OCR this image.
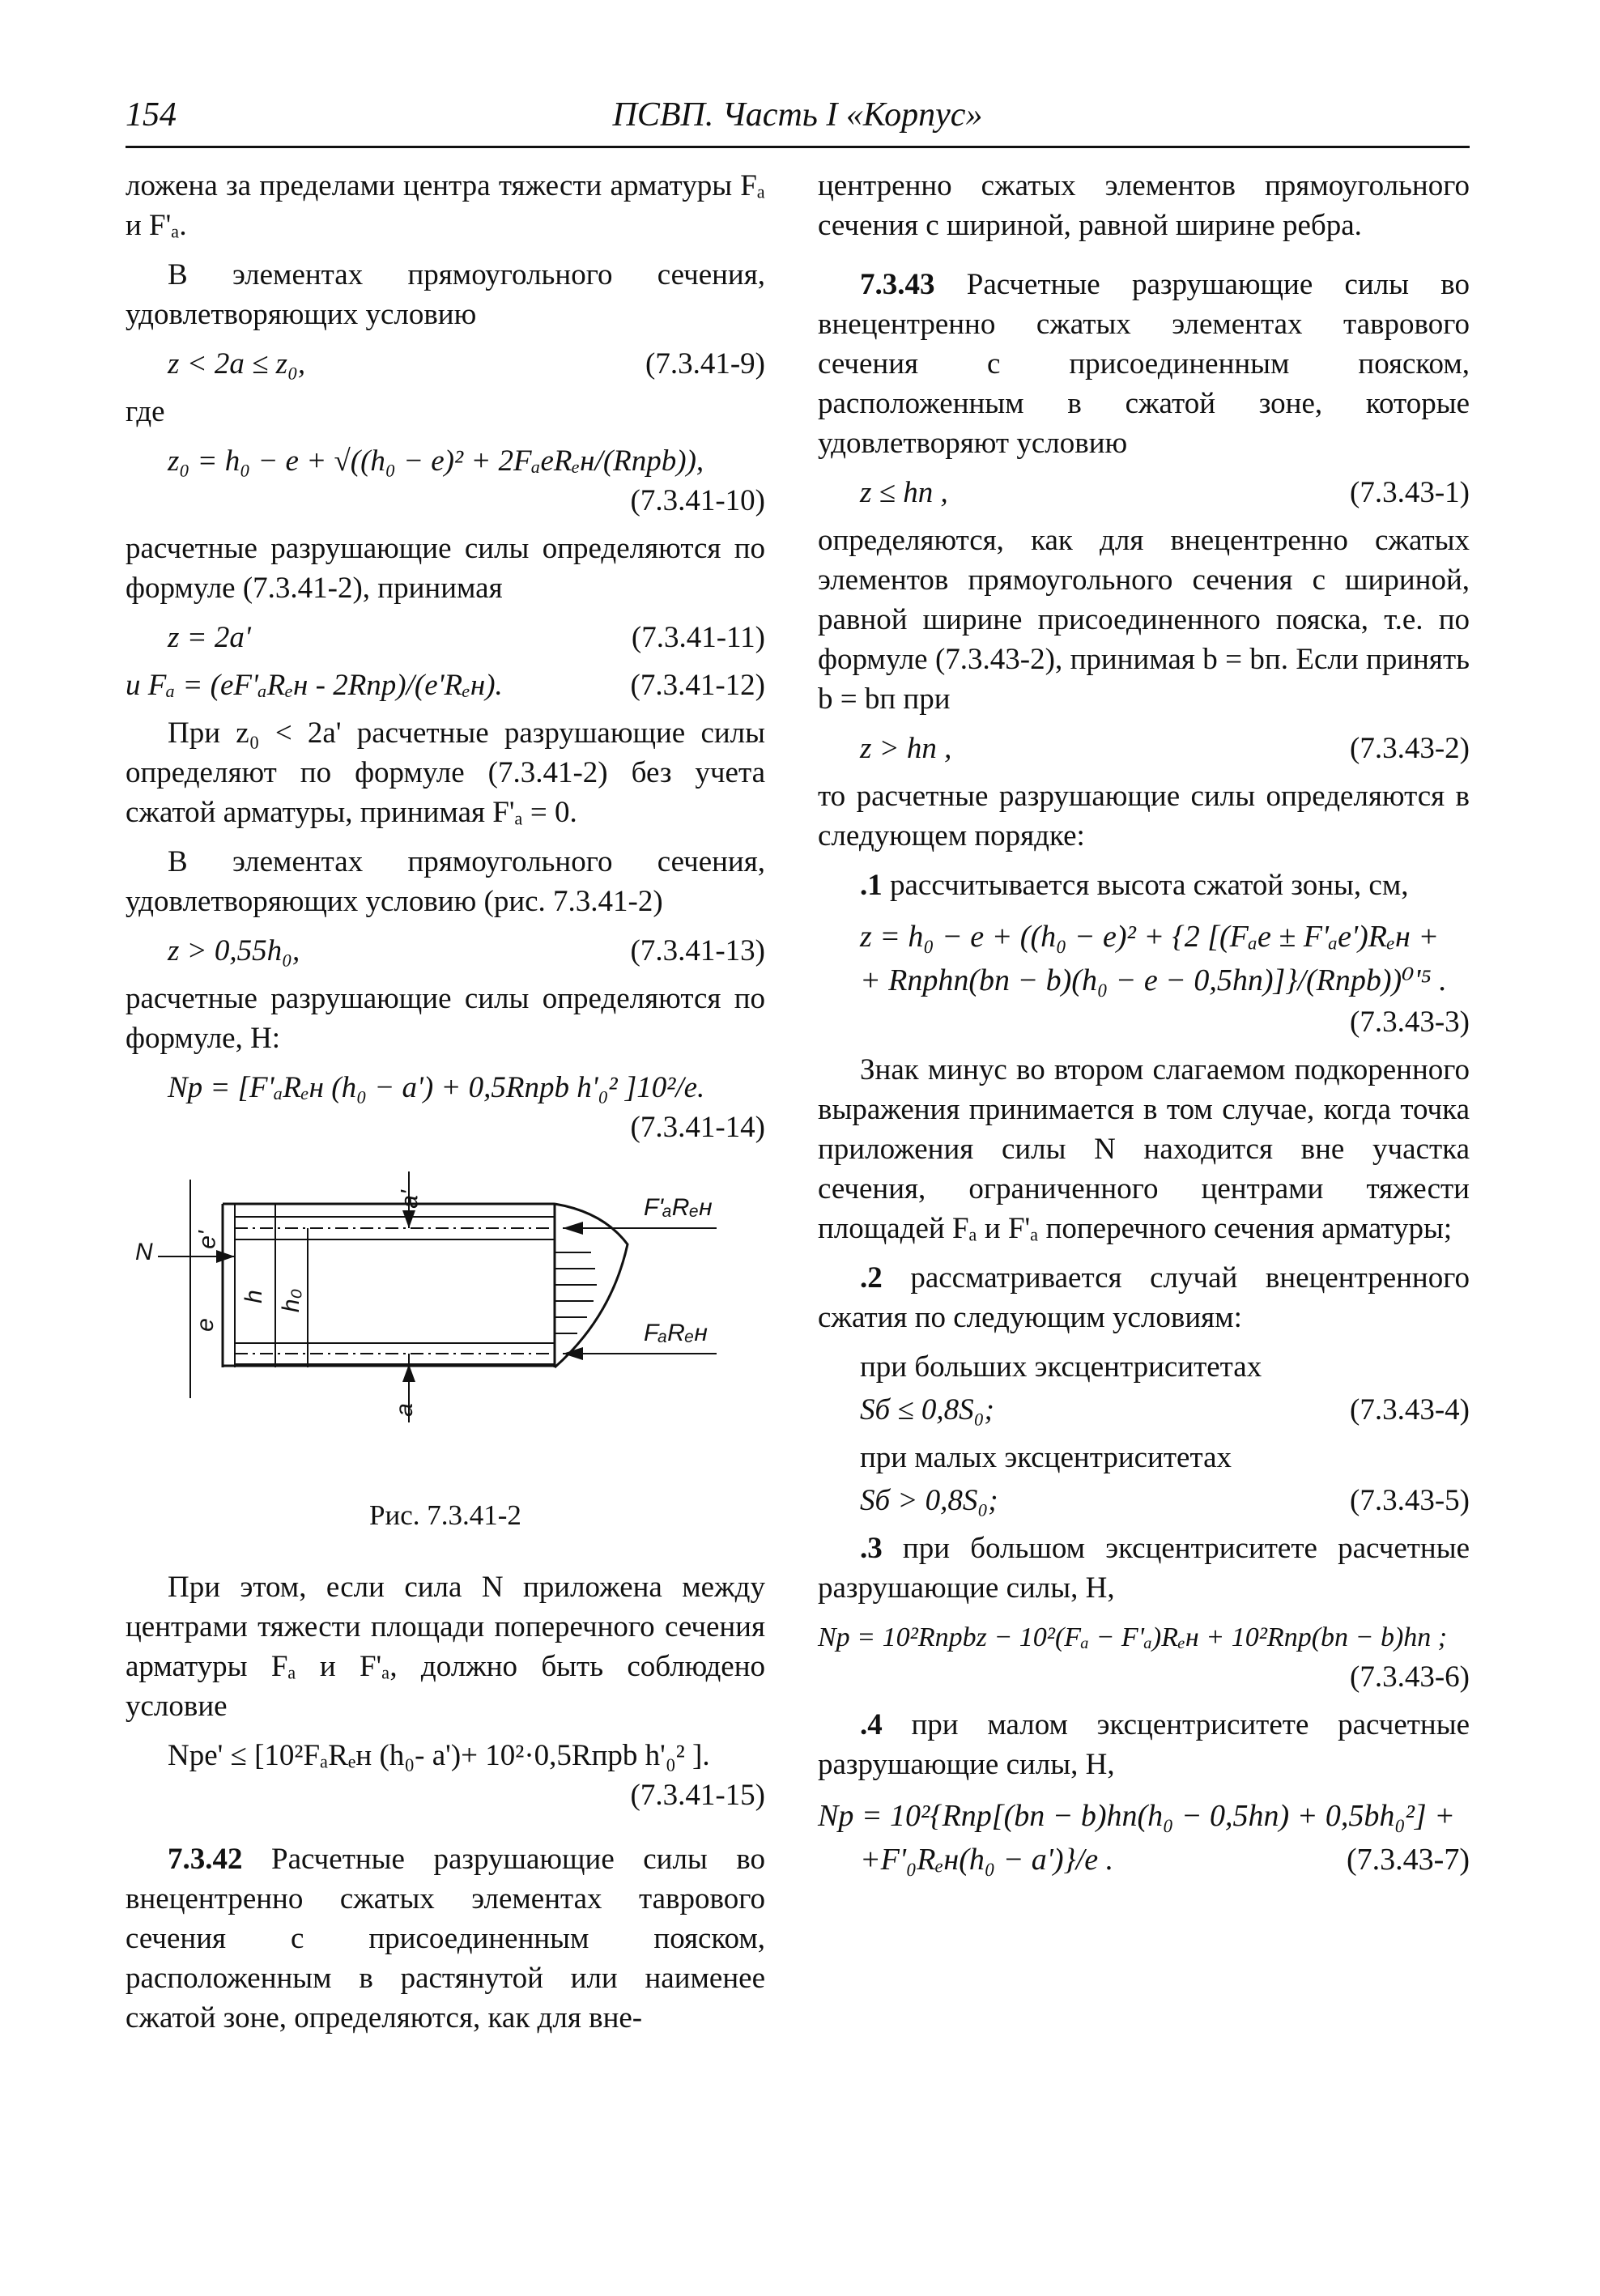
154	ПСВП. Часть I «Корпус»

ложена за пределами центра тяжести арматуры Fₐ и F'ₐ.

В элементах прямоугольного сечения, удовлетворяющих условию

z < 2a ≤ z₀,	(7.3.41-9)

где

z₀ = h₀ − e + √((h₀ − e)² + 2FₐeRₑн/(Rпрb)),
(7.3.41-10)

расчетные разрушающие силы определяются по формуле (7.3.41-2), принимая

z = 2a'	(7.3.41-11)
и Fₐ = (eF'ₐRₑн - 2Rпр)/(e'Rₑн).	(7.3.41-12)

При z₀ < 2a' расчетные разрушающие силы определяют по формуле (7.3.41-2) без учета сжатой арматуры, принимая F'ₐ = 0.

В элементах прямоугольного сечения, удовлетворяющих условию (рис. 7.3.41-2)

z > 0,55h₀,	(7.3.41-13)

расчетные разрушающие силы определяются по формуле, Н:

Nр = [F'ₐRₑн (h₀ − a') + 0,5Rпрb h'₀² ]10²/e.
(7.3.41-14)
a'
e'
N
e
h h₀
a
F'ₐRₑн
FₐRₑн
Рис. 7.3.41-2

При этом, если сила N приложена между центрами тяжести площади поперечного сечения арматуры Fₐ и F'ₐ, должно быть соблюдено условие

Nрe' ≤ [10²FₐRₑн (h₀- a')+ 10²·0,5Rпрb h'₀² ].
(7.3.41-15)

7.3.42 Расчетные разрушающие силы во внецентренно сжатых элементах таврового сечения с присоединенным пояском, расположенным в растянутой или наименее сжатой зоне, определяются, как для вне-

центренно сжатых элементов прямоугольного сечения с шириной, равной ширине ребра.

7.3.43 Расчетные разрушающие силы во внецентренно сжатых элементах таврового сечения с присоединенным пояском, расположенным в сжатой зоне, которые удовлетворяют условию

z ≤ hп ,	(7.3.43-1)

определяются, как для внецентренно сжатых элементов прямоугольного сечения с шириной, равной ширине присоединенного пояска, т.е. по формуле (7.3.43-2), принимая b = bп. Если принять b = bп при

z > hп ,	(7.3.43-2)

то расчетные разрушающие силы определяются в следующем порядке:

.1 рассчитывается высота сжатой зоны, см,

z = h₀ − e + ((h₀ − e)² + {2 [(Fₐe ± F'ₐe')Rₑн +
+ Rпрhп(bп − b)(h₀ − e − 0,5hп)]}/(Rпрb))⁰'⁵ .
(7.3.43-3)

Знак минус во втором слагаемом подкоренного выражения принимается в том случае, когда точка приложения силы N находится вне участка сечения, ограниченного центрами тяжести площадей Fₐ и F'ₐ поперечного сечения арматуры;

.2 рассматривается случай внецентренного сжатия по следующим условиям:

при больших эксцентриситетах

Sб ≤ 0,8S₀;	(7.3.43-4)

при малых эксцентриситетах

Sб > 0,8S₀;	(7.3.43-5)

.3 при большом эксцентриситете расчетные разрушающие силы, Н,

Nр = 10²Rпрbz − 10²(Fₐ − F'ₐ)Rₑн + 10²Rпр(bп − b)hп ;
(7.3.43-6)

.4 при малом эксцентриситете расчетные разрушающие силы, Н,

Nр = 10²{Rпр[(bп − b)hп(h₀ − 0,5hп) + 0,5bh₀²] +
+F'₀Rₑн(h₀ − a')}/e .	(7.3.43-7)
